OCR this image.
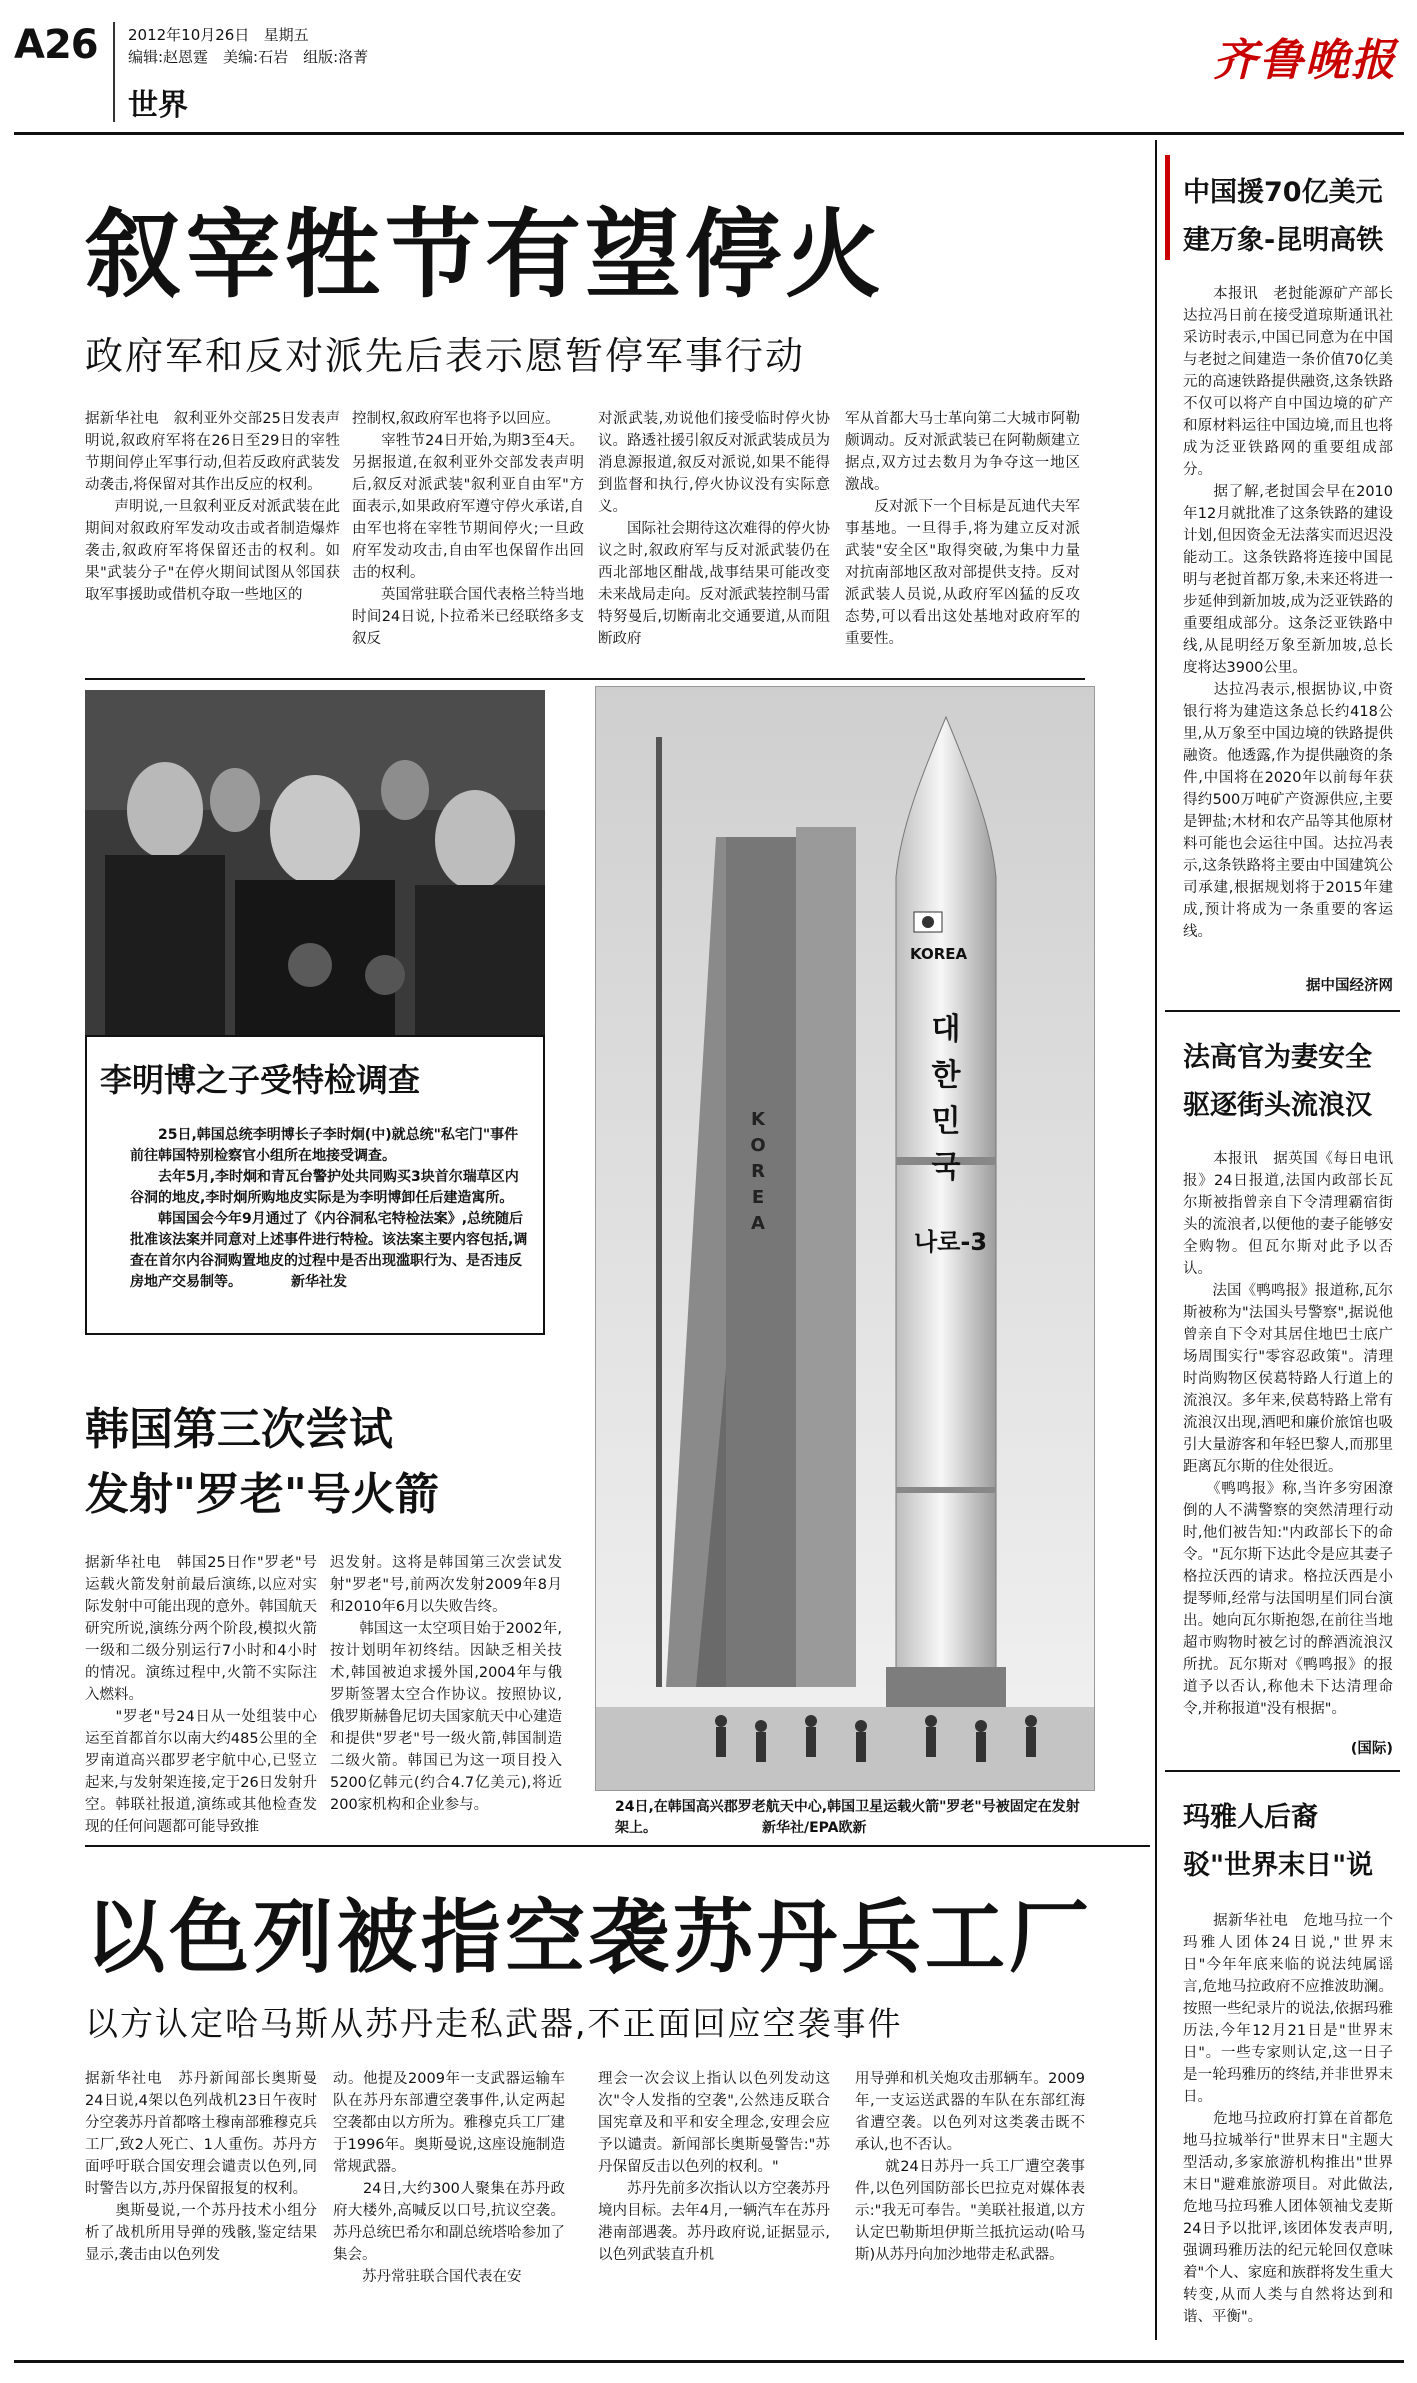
A26 2012年10月26日 星期五
编辑:赵恩霆　美编:石岩　组版:洛菁
世界
齐鲁晚报
叙宰牲节有望停火
政府军和反对派先后表示愿暂停军事行动
据新华社电　叙利亚外交部25日发表声明说,叙政府军将在26日至29日的宰牲节期间停止军事行动,但若反政府武装发动袭击,将保留对其作出反应的权利。
　　声明说,一旦叙利亚反对派武装在此期间对叙政府军发动攻击或者制造爆炸袭击,叙政府军将保留还击的权利。如果"武装分子"在停火期间试图从邻国获取军事援助或借机夺取一些地区的
控制权,叙政府军也将予以回应。
　　宰牲节24日开始,为期3至4天。另据报道,在叙利亚外交部发表声明后,叙反对派武装"叙利亚自由军"方面表示,如果政府军遵守停火承诺,自由军也将在宰牲节期间停火;一旦政府军发动攻击,自由军也保留作出回击的权利。
　　英国常驻联合国代表格兰特当地时间24日说,卜拉希米已经联络多支叙反
对派武装,劝说他们接受临时停火协议。路透社援引叙反对派武装成员为消息源报道,叙反对派说,如果不能得到监督和执行,停火协议没有实际意义。
　　国际社会期待这次难得的停火协议之时,叙政府军与反对派武装仍在西北部地区酣战,战事结果可能改变未来战局走向。反对派武装控制马雷特努曼后,切断南北交通要道,从而阻断政府
军从首都大马士革向第二大城市阿勒颇调动。反对派武装已在阿勒颇建立据点,双方过去数月为争夺这一地区激战。
　　反对派下一个目标是瓦迪代夫军事基地。一旦得手,将为建立反对派武装"安全区"取得突破,为集中力量对抗南部地区敌对部提供支持。反对派武装人员说,从政府军凶猛的反攻态势,可以看出这处基地对政府军的重要性。
李明博之子受特检调查
25日,韩国总统李明博长子李时炯(中)就总统"私宅门"事件前往韩国特别检察官小组所在地接受调查。
去年5月,李时炯和青瓦台警护处共同购买3块首尔瑞草区内谷洞的地皮,李时炯所购地皮实际是为李明博卸任后建造寓所。
韩国国会今年9月通过了《内谷洞私宅特检法案》,总统随后批准该法案并同意对上述事件进行特检。该法案主要内容包括,调查在首尔内谷洞购置地皮的过程中是否出现滥职行为、是否违反房地产交易制等。　　　　新华社发
KOREA
대한민국
나로-3
KOREA
24日,在韩国高兴郡罗老航天中心,韩国卫星运载火箭"罗老"号被固定在发射架上。　　　　　　　　新华社/EPA欧新
韩国第三次尝试
发射"罗老"号火箭
据新华社电　韩国25日作"罗老"号运载火箭发射前最后演练,以应对实际发射中可能出现的意外。韩国航天研究所说,演练分两个阶段,模拟火箭一级和二级分别运行7小时和4小时的情况。演练过程中,火箭不实际注入燃料。
　　"罗老"号24日从一处组装中心运至首都首尔以南大约485公里的全罗南道高兴郡罗老宇航中心,已竖立起来,与发射架连接,定于26日发射升空。韩联社报道,演练或其他检查发现的任何问题都可能导致推
迟发射。这将是韩国第三次尝试发射"罗老"号,前两次发射2009年8月和2010年6月以失败告终。
　　韩国这一太空项目始于2002年,按计划明年初终结。因缺乏相关技术,韩国被迫求援外国,2004年与俄罗斯签署太空合作协议。按照协议,俄罗斯赫鲁尼切夫国家航天中心建造和提供"罗老"号一级火箭,韩国制造二级火箭。韩国已为这一项目投入5200亿韩元(约合4.7亿美元),将近200家机构和企业参与。
以色列被指空袭苏丹兵工厂
以方认定哈马斯从苏丹走私武器,不正面回应空袭事件
据新华社电　苏丹新闻部长奥斯曼24日说,4架以色列战机23日午夜时分空袭苏丹首都喀土穆南部雅穆克兵工厂,致2人死亡、1人重伤。苏丹方面呼吁联合国安理会谴责以色列,同时警告以方,苏丹保留报复的权利。
　　奥斯曼说,一个苏丹技术小组分析了战机所用导弹的残骸,鉴定结果显示,袭击由以色列发
动。他提及2009年一支武器运输车队在苏丹东部遭空袭事件,认定两起空袭都由以方所为。雅穆克兵工厂建于1996年。奥斯曼说,这座设施制造常规武器。
　　24日,大约300人聚集在苏丹政府大楼外,高喊反以口号,抗议空袭。苏丹总统巴希尔和副总统塔哈参加了集会。
　　苏丹常驻联合国代表在安
理会一次会议上指认以色列发动这次"令人发指的空袭",公然违反联合国宪章及和平和安全理念,安理会应予以谴责。新闻部长奥斯曼警告:"苏丹保留反击以色列的权利。"
　　苏丹先前多次指认以方空袭苏丹境内目标。去年4月,一辆汽车在苏丹港南部遇袭。苏丹政府说,证据显示,以色列武装直升机
用导弹和机关炮攻击那辆车。2009年,一支运送武器的车队在东部红海省遭空袭。以色列对这类袭击既不承认,也不否认。
　　就24日苏丹一兵工厂遭空袭事件,以色列国防部长巴拉克对媒体表示:"我无可奉告。"美联社报道,以方认定巴勒斯坦伊斯兰抵抗运动(哈马斯)从苏丹向加沙地带走私武器。
中国援70亿美元
建万象-昆明高铁
　　本报讯　老挝能源矿产部长达拉冯日前在接受道琼斯通讯社采访时表示,中国已同意为在中国与老挝之间建造一条价值70亿美元的高速铁路提供融资,这条铁路不仅可以将产自中国边境的矿产和原材料运往中国边境,而且也将成为泛亚铁路网的重要组成部分。
　　据了解,老挝国会早在2010年12月就批准了这条铁路的建设计划,但因资金无法落实而迟迟没能动工。这条铁路将连接中国昆明与老挝首都万象,未来还将进一步延伸到新加坡,成为泛亚铁路的重要组成部分。这条泛亚铁路中线,从昆明经万象至新加坡,总长度将达3900公里。
　　达拉冯表示,根据协议,中资银行将为建造这条总长约418公里,从万象至中国边境的铁路提供融资。他透露,作为提供融资的条件,中国将在2020年以前每年获得约500万吨矿产资源供应,主要是钾盐;木材和农产品等其他原材料可能也会运往中国。达拉冯表示,这条铁路将主要由中国建筑公司承建,根据规划将于2015年建成,预计将成为一条重要的客运线。
据中国经济网
法高官为妻安全
驱逐街头流浪汉
　　本报讯　据英国《每日电讯报》24日报道,法国内政部长瓦尔斯被指曾亲自下令清理霸宿街头的流浪者,以便他的妻子能够安全购物。但瓦尔斯对此予以否认。
　　法国《鸭鸣报》报道称,瓦尔斯被称为"法国头号警察",据说他曾亲自下令对其居住地巴士底广场周围实行"零容忍政策"。清理时尚购物区侯葛特路人行道上的流浪汉。多年来,侯葛特路上常有流浪汉出现,酒吧和廉价旅馆也吸引大量游客和年轻巴黎人,而那里距离瓦尔斯的住处很近。
　　《鸭鸣报》称,当许多穷困潦倒的人不满警察的突然清理行动时,他们被告知:"内政部长下的命令。"瓦尔斯下达此令是应其妻子格拉沃西的请求。格拉沃西是小提琴师,经常与法国明星们同台演出。她向瓦尔斯抱怨,在前往当地超市购物时被乞讨的醉酒流浪汉所扰。瓦尔斯对《鸭鸣报》的报道予以否认,称他未下达清理命令,并称报道"没有根据"。
(国际)
玛雅人后裔
驳"世界末日"说
　　据新华社电　危地马拉一个玛雅人团体24日说,"世界末日"今年年底来临的说法纯属谣言,危地马拉政府不应推波助澜。按照一些纪录片的说法,依据玛雅历法,今年12月21日是"世界末日"。一些专家则认定,这一日子是一轮玛雅历的终结,并非世界末日。
　　危地马拉政府打算在首都危地马拉城举行"世界末日"主题大型活动,多家旅游机构推出"世界末日"避难旅游项目。对此做法,危地马拉玛雅人团体领袖戈麦斯24日予以批评,该团体发表声明,强调玛雅历法的纪元轮回仅意味着"个人、家庭和族群将发生重大转变,从而人类与自然将达到和谐、平衡"。
